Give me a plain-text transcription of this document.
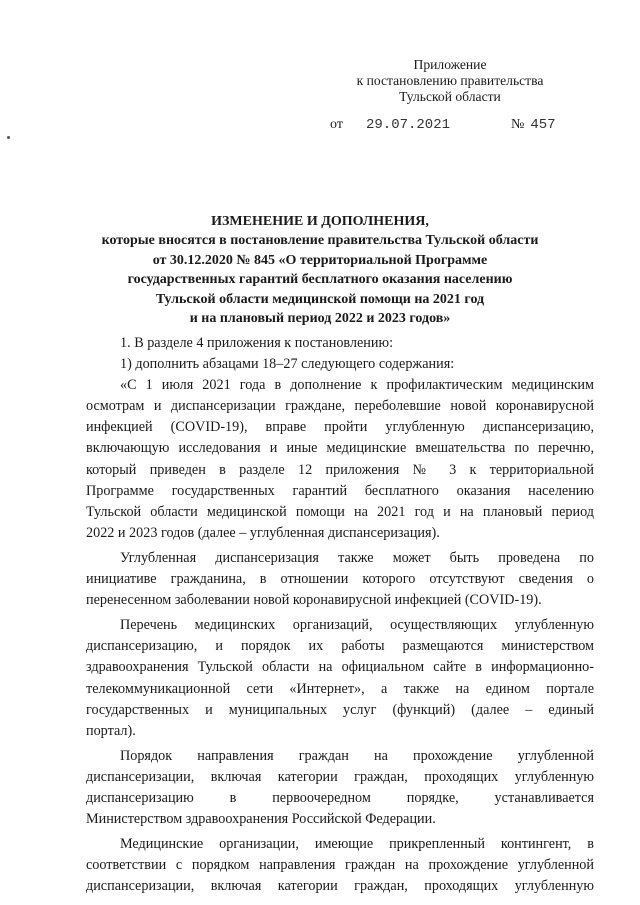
Приложение
к постановлению правительства
Тульской области
от 29.07.2021	№ 457
ИЗМЕНЕНИЕ И ДОПОЛНЕНИЯ,
которые вносятся в постановление правительства Тульской области
от 30.12.2020 № 845 «О территориальной Программе
государственных гарантий бесплатного оказания населению
Тульской области медицинской помощи на 2021 год
и на плановый период 2022 и 2023 годов»
1. В разделе 4 приложения к постановлению:
1) дополнить абзацами 18–27 следующего содержания:
«С 1 июля 2021 года в дополнение к профилактическим медицинским
осмотрам и диспансеризации граждане, переболевшие новой коронавирусной
инфекцией (COVID-19), вправе пройти углубленную диспансеризацию,
включающую исследования и иные медицинские вмешательства по перечню,
который приведен в разделе 12 приложения № 3 к территориальной
Программе государственных гарантий бесплатного оказания населению
Тульской области медицинской помощи на 2021 год и на плановый период
2022 и 2023 годов (далее – углубленная диспансеризация).
Углубленная диспансеризация также может быть проведена по
инициативе гражданина, в отношении которого отсутствуют сведения о
перенесенном заболевании новой коронавирусной инфекцией (COVID-19).
Перечень медицинских организаций, осуществляющих углубленную
диспансеризацию, и порядок их работы размещаются министерством
здравоохранения Тульской области на официальном сайте в информационно-
телекоммуникационной сети «Интернет», а также на едином портале
государственных и муниципальных услуг (функций) (далее – единый
портал).
Порядок направления граждан на прохождение углубленной
диспансеризации, включая категории граждан, проходящих углубленную
диспансеризацию в первоочередном порядке, устанавливается
Министерством здравоохранения Российской Федерации.
Медицинские организации, имеющие прикрепленный контингент, в
соответствии с порядком направления граждан на прохождение углубленной
диспансеризации, включая категории граждан, проходящих углубленную
